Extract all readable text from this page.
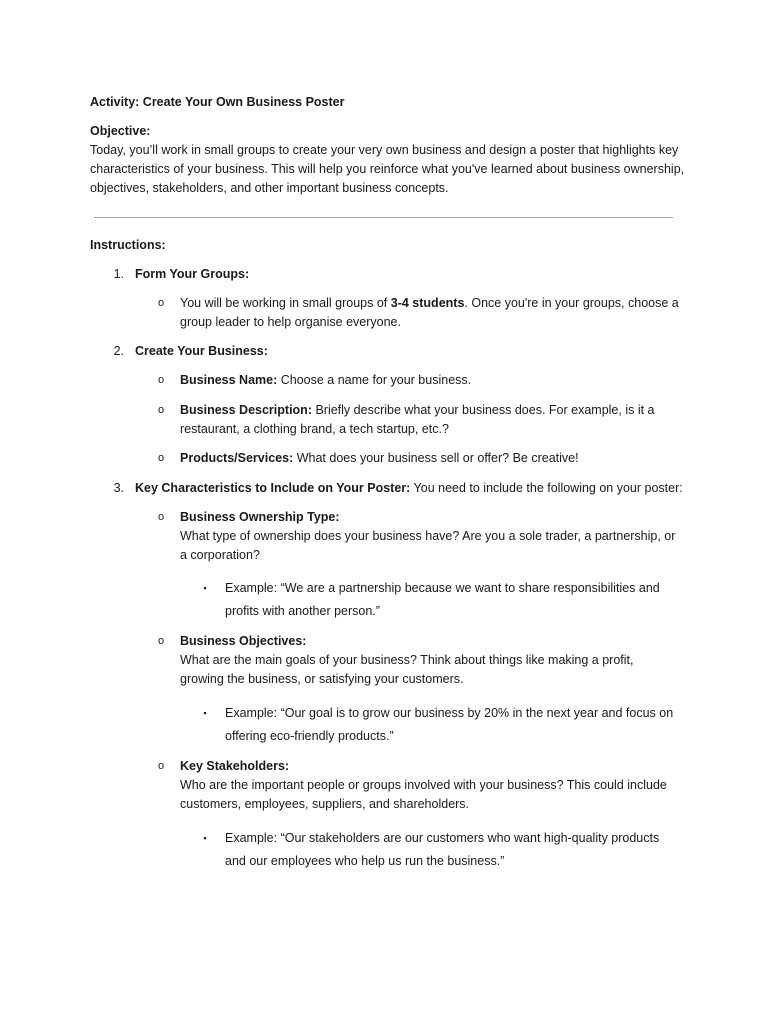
Activity: Create Your Own Business Poster
Objective:
Today, you’ll work in small groups to create your very own business and design a poster that highlights key characteristics of your business. This will help you reinforce what you've learned about business ownership, objectives, stakeholders, and other important business concepts.
Instructions:
1. Form Your Groups:
o You will be working in small groups of 3-4 students. Once you're in your groups, choose a group leader to help organise everyone.
2. Create Your Business:
o Business Name: Choose a name for your business.
o Business Description: Briefly describe what your business does. For example, is it a restaurant, a clothing brand, a tech startup, etc.?
o Products/Services: What does your business sell or offer? Be creative!
3. Key Characteristics to Include on Your Poster: You need to include the following on your poster:
o Business Ownership Type:
What type of ownership does your business have? Are you a sole trader, a partnership, or a corporation?
▪	Example: “We are a partnership because we want to share responsibilities and profits with another person.”
o Business Objectives:
What are the main goals of your business? Think about things like making a profit, growing the business, or satisfying your customers.
▪	Example: “Our goal is to grow our business by 20% in the next year and focus on offering eco-friendly products.”
o Key Stakeholders:
Who are the important people or groups involved with your business? This could include customers, employees, suppliers, and shareholders.
▪	Example: “Our stakeholders are our customers who want high-quality products and our employees who help us run the business.”
